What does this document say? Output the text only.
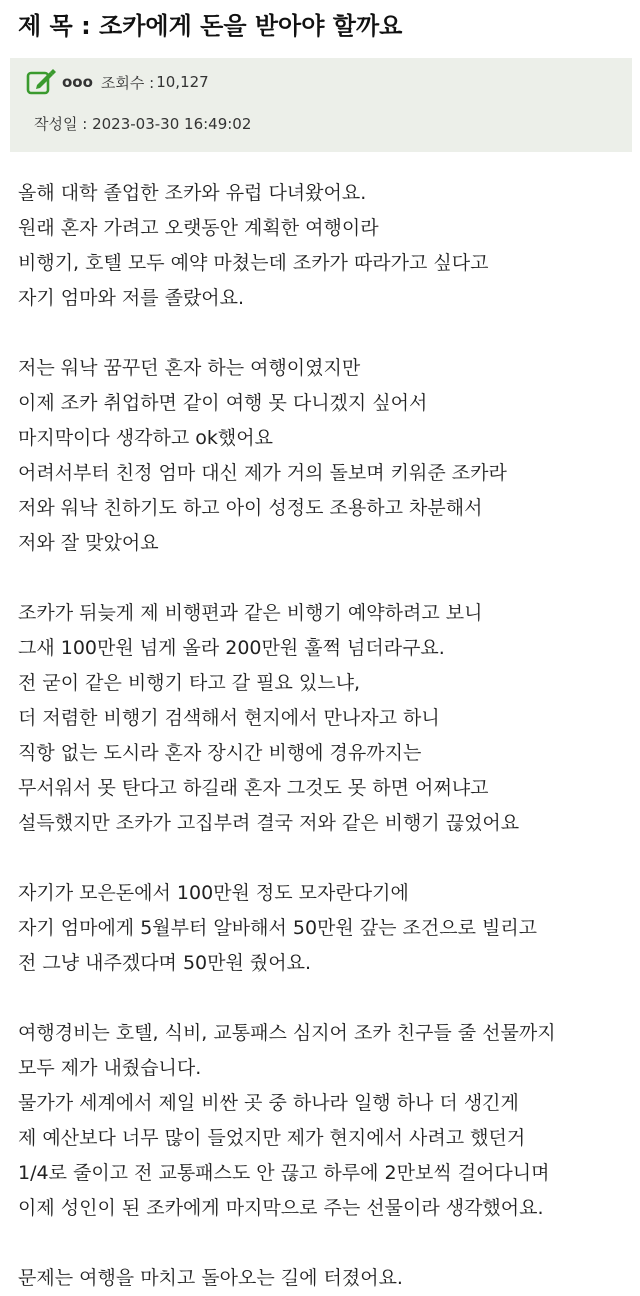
제 목 : 조카에게 돈을 받아야 할까요
ooo 조회수 : 10,127
작성일 : 2023-03-30 16:49:02
올해 대학 졸업한 조카와 유럽 다녀왔어요.
원래 혼자 가려고 오랫동안 계획한 여행이라
비행기, 호텔 모두 예약 마쳤는데 조카가 따라가고 싶다고
자기 엄마와 저를 졸랐어요.
저는 워낙 꿈꾸던 혼자 하는 여행이였지만
이제 조카 취업하면 같이 여행 못 다니겠지 싶어서
마지막이다 생각하고 ok했어요
어려서부터 친정 엄마 대신 제가 거의 돌보며 키워준 조카라
저와 워낙 친하기도 하고 아이 성정도 조용하고 차분해서
저와 잘 맞았어요
조카가 뒤늦게 제 비행편과 같은 비행기 예약하려고 보니
그새 100만원 넘게 올라 200만원 훌쩍 넘더라구요.
전 굳이 같은 비행기 타고 갈 필요 있느냐,
더 저렴한 비행기 검색해서 현지에서 만나자고 하니
직항 없는 도시라 혼자 장시간 비행에 경유까지는
무서워서 못 탄다고 하길래 혼자 그것도 못 하면 어쩌냐고
설득했지만 조카가 고집부려 결국 저와 같은 비행기 끊었어요
자기가 모은돈에서 100만원 정도 모자란다기에
자기 엄마에게 5월부터 알바해서 50만원 갚는 조건으로 빌리고
전 그냥 내주겠다며 50만원 줬어요.
여행경비는 호텔, 식비, 교통패스 심지어 조카 친구들 줄 선물까지
모두 제가 내줬습니다.
물가가 세계에서 제일 비싼 곳 중 하나라 일행 하나 더 생긴게
제 예산보다 너무 많이 들었지만 제가 현지에서 사려고 했던거
1/4로 줄이고 전 교통패스도 안 끊고 하루에 2만보씩 걸어다니며
이제 성인이 된 조카에게 마지막으로 주는 선물이라 생각했어요.
문제는 여행을 마치고 돌아오는 길에 터졌어요.
